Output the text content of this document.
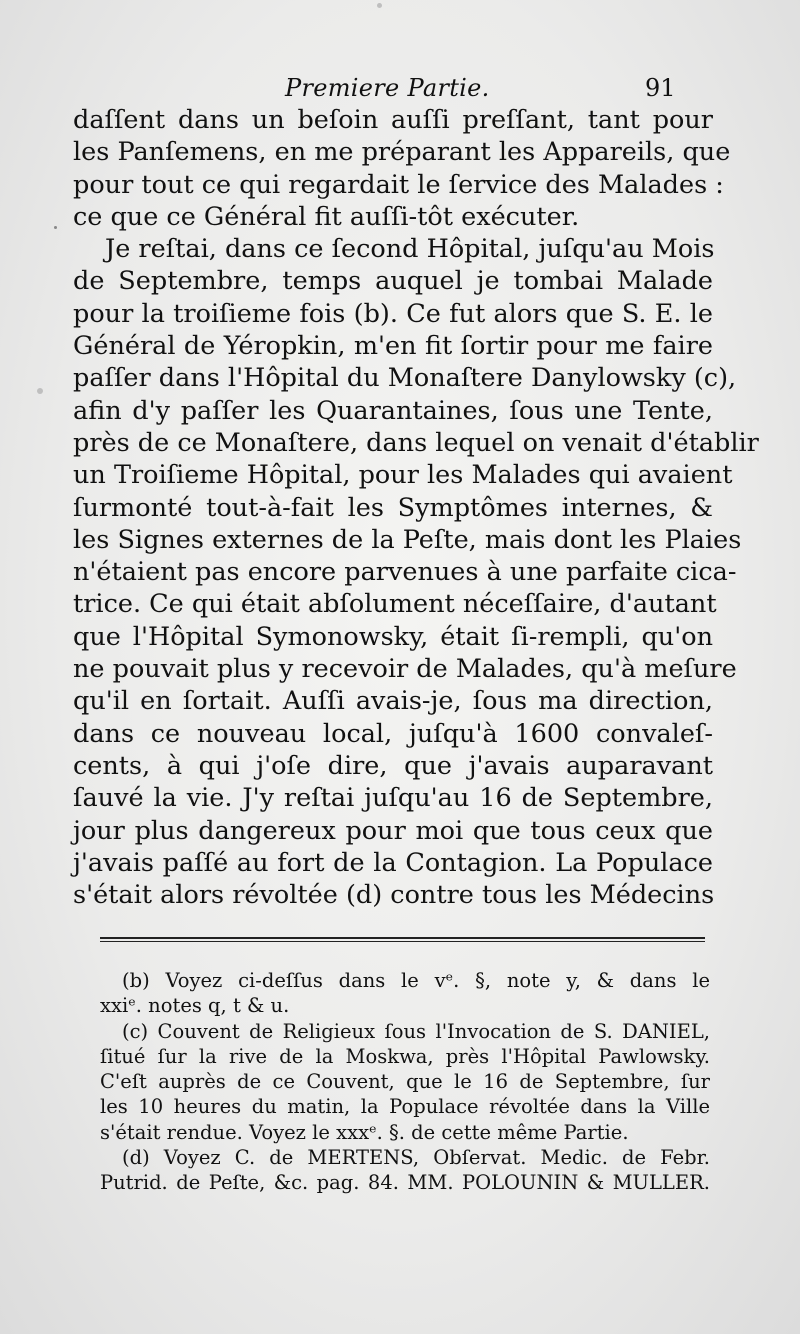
Premiere Partie.	91
daſſent dans un beſoin auſſi preſſant, tant pour
les Panſemens, en me préparant les Appareils, que
pour tout ce qui regardait le ſervice des Malades :
ce que ce Général fit auſſi-tôt exécuter.
Je reſtai, dans ce ſecond Hôpital, juſqu'au Mois
de Septembre, temps auquel je tombai Malade
pour la troiſieme fois (b). Ce fut alors que S. E. le
Général de Yéropkin, m'en fit ſortir pour me faire
paſſer dans l'Hôpital du Monaſtere Danylowsky (c),
afin d'y paſſer les Quarantaines, ſous une Tente,
près de ce Monaſtere, dans lequel on venait d'établir
un Troiſieme Hôpital, pour les Malades qui avaient
ſurmonté tout-à-fait les Symptômes internes, &
les Signes externes de la Peſte, mais dont les Plaies
n'étaient pas encore parvenues à une parfaite cica-
trice. Ce qui était abſolument néceſſaire, d'autant
que l'Hôpital Symonowsky, était ſi-rempli, qu'on
ne pouvait plus y recevoir de Malades, qu'à meſure
qu'il en ſortait. Auſſi avais-je, ſous ma direction,
dans ce nouveau local, juſqu'à 1600 convaleſ-
cents, à qui j'oſe dire, que j'avais auparavant
ſauvé la vie. J'y reſtai juſqu'au 16 de Septembre,
jour plus dangereux pour moi que tous ceux que
j'avais paſſé au fort de la Contagion. La Populace
s'était alors révoltée (d) contre tous les Médecins
(b) Voyez ci-deſſus dans le vᵉ. §, note y, & dans le
xxiᵉ. notes q, t & u.
(c) Couvent de Religieux ſous l'Invocation de S. DANIEL,
ſitué ſur la rive de la Moskwa, près l'Hôpital Pawlowsky.
C'eſt auprès de ce Couvent, que le 16 de Septembre, ſur
les 10 heures du matin, la Populace révoltée dans la Ville
s'était rendue. Voyez le xxxᵉ. §. de cette même Partie.
(d) Voyez C. de MERTENS, Obſervat. Medic. de Febr.
Putrid. de Peſte, &c. pag. 84. MM. POLOUNIN & MULLER.
